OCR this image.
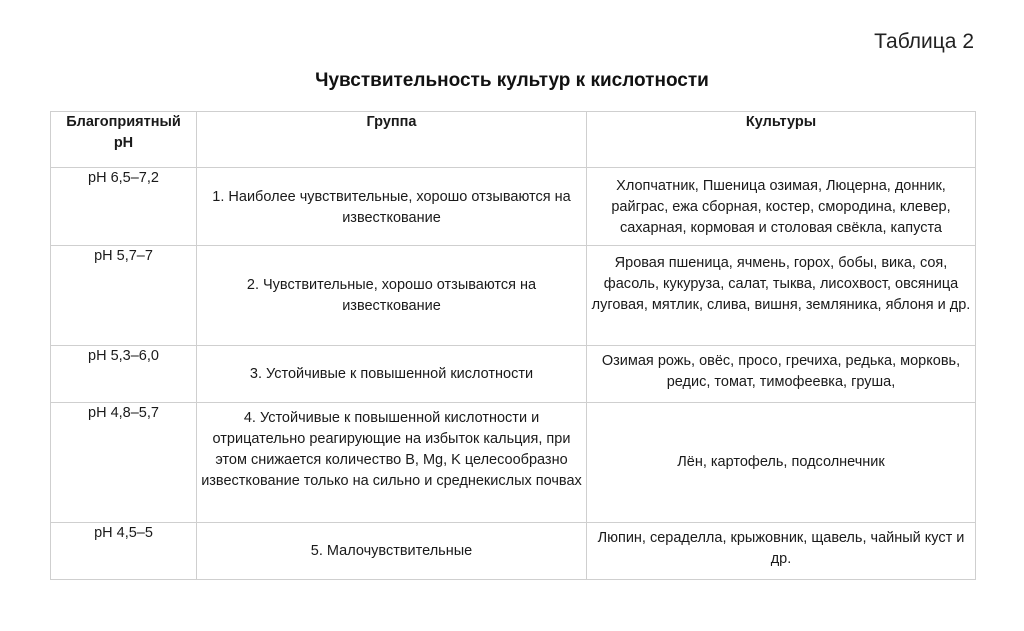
Таблица 2
Чувствительность культур к кислотности
Благоприятный рН	Группа	Культуры
рН 6,5–7,2	1. Наиболее чувствительные, хорошо отзываются на известкование	Хлопчатник, Пшеница озимая, Люцерна, донник, райграс, ежа сборная, костер, смородина, клевер, сахарная, кормовая и столовая свёкла, капуста

рН 5,7–7	2. Чувствительные, хорошо отзываются на известкование	Яровая пшеница, ячмень, горох, бобы, вика, соя, фасоль, кукуруза, салат, тыква, лисохвост, овсяница луговая, мятлик, слива, вишня, земляника, яблоня и др.
рН 5,3–6,0	3. Устойчивые к повышенной кислотности	Озимая рожь, овёс, просо, гречиха, редька, морковь, редис, томат, тимофеевка, груша,

рН 4,8–5,7	4. Устойчивые к повышенной кислотности и отрицательно реагирующие на избыток кальция, при этом снижается количество B, Mg, K целесообразно известкование только на сильно и среднекислых почвах	Лён, картофель, подсолнечник
рН 4,5–5	5. Малочувствительные	Люпин, сераделла, крыжовник, щавель, чайный куст и др.
